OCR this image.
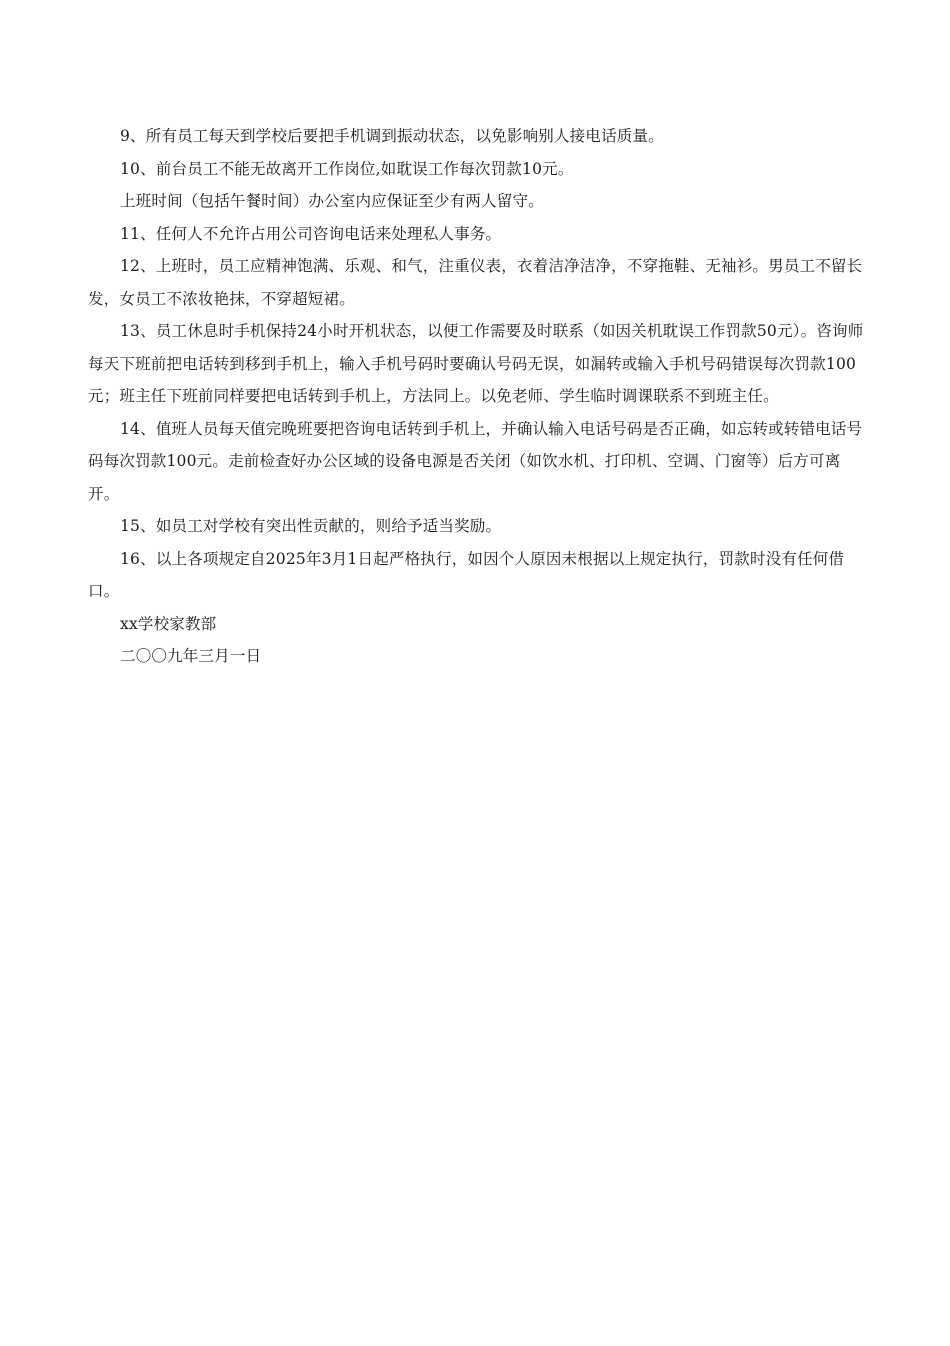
9、所有员工每天到学校后要把手机调到振动状态，以免影响别人接电话质量。

10、前台员工不能无故离开工作岗位,如耽误工作每次罚款10元。

上班时间（包括午餐时间）办公室内应保证至少有两人留守。

11、任何人不允许占用公司咨询电话来处理私人事务。

12、上班时，员工应精神饱满、乐观、和气，注重仪表，衣着洁净洁净，不穿拖鞋、无袖衫。男员工不留长发，女员工不浓妆艳抹，不穿超短裙。

13、员工休息时手机保持24小时开机状态，以便工作需要及时联系（如因关机耽误工作罚款50元）。咨询师每天下班前把电话转到移到手机上，输入手机号码时要确认号码无误，如漏转或输入手机号码错误每次罚款100元；班主任下班前同样要把电话转到手机上，方法同上。以免老师、学生临时调课联系不到班主任。

14、值班人员每天值完晚班要把咨询电话转到手机上，并确认输入电话号码是否正确，如忘转或转错电话号码每次罚款100元。走前检查好办公区域的设备电源是否关闭（如饮水机、打印机、空调、门窗等）后方可离开。

15、如员工对学校有突出性贡献的，则给予适当奖励。

16、以上各项规定自2025年3月1日起严格执行，如因个人原因未根据以上规定执行，罚款时没有任何借口。

xx学校家教部

二〇〇九年三月一日
